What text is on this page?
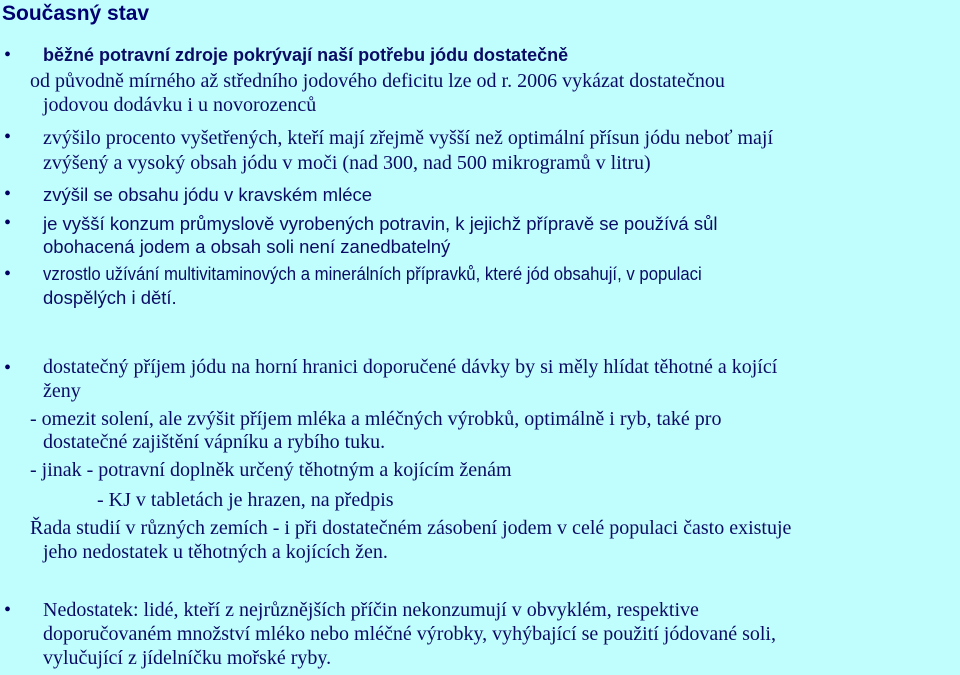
Současný stav
• běžné potravní zdroje pokrývají naší potřebu jódu dostatečně
od původně mírného až středního jodového deficitu lze od r. 2006 vykázat dostatečnou
jodovou dodávku i u novorozenců
• zvýšilo procento vyšetřených, kteří mají zřejmě vyšší než optimální přísun jódu neboť mají
zvýšený a vysoký obsah jódu v moči (nad 300, nad 500 mikrogramů v litru)
• zvýšil se obsahu jódu v kravském mléce
• je vyšší konzum průmyslově vyrobených potravin, k jejichž přípravě se používá sůl
obohacená jodem a obsah soli není zanedbatelný
• vzrostlo užívání multivitaminových a minerálních přípravků, které jód obsahují, v populaci
dospělých i dětí.
• dostatečný příjem jódu na horní hranici doporučené dávky by si měly hlídat těhotné a kojící
ženy
- omezit solení, ale zvýšit příjem mléka a mléčných výrobků, optimálně i ryb, také pro
dostatečné zajištění vápníku a rybího tuku.
- jinak - potravní doplněk určený těhotným a kojícím ženám
- KJ v tabletách je hrazen, na předpis
Řada studií v různých zemích - i při dostatečném zásobení jodem v celé populaci často existuje
jeho nedostatek u těhotných a kojících žen.
• Nedostatek: lidé, kteří z nejrůznějších příčin nekonzumují v obvyklém, respektive
doporučovaném množství mléko nebo mléčné výrobky, vyhýbající se použití jódované soli,
vylučující z jídelníčku mořské ryby.
